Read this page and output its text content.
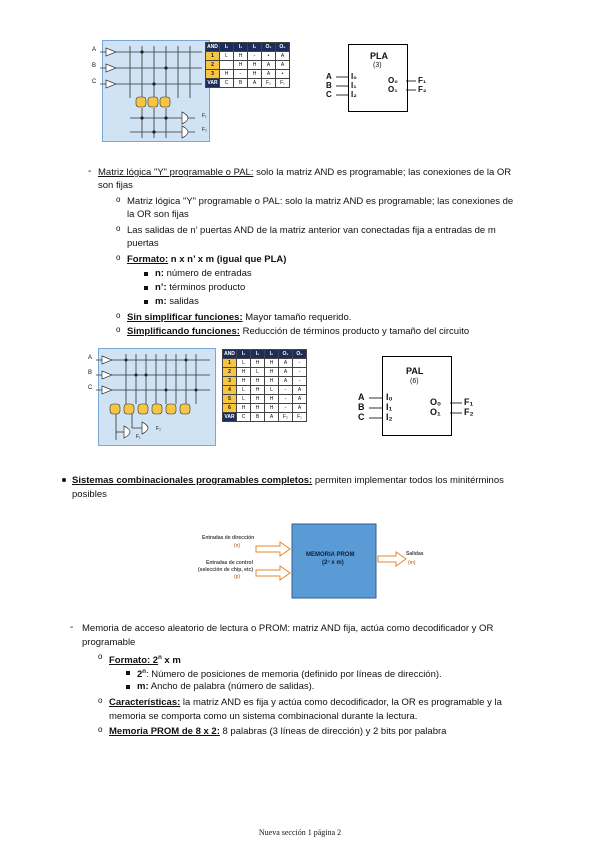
A
B
C
F₁
F₂
AND	I₂	I₁	I₀	O₁	O₀
1	L	H	-	•	A
2		H	H	A	A
3	H	-	H	A	•
VAR	C	B	A	F₂	F₁
PLA
(3)
A
B
C
I₀
I₁
I₂
O₀
O₁
F₁
F₂
- Matriz lógica "Y" programable o PAL: solo la matriz AND es programable; las conexiones de la OR
son fijas
o Matriz lógica "Y" programable o PAL: solo la matriz AND es programable; las conexiones de
la OR son fijas
o Las salidas de n’ puertas AND de la matriz anterior van conectadas fija a entradas de m
puertas
o Formato: n x n’ x m (igual que PLA)
n: número de entradas
n’: términos producto
m: salidas
o Sin simplificar funciones: Mayor tamaño requerido.
o Simplificando funciones: Reducción de términos producto y tamaño del circuito
A
B
C
F₁
F₂
AND	I₂	I₁	I₀	O₁	O₀
1	L	H	H	A	-
2	H	L	H	A	-
3	H	H	H	A	-
4	L	H	L	-	A
5	L	H	H	-	A
6	H	H	H	-	A
VAR	C	B	A	F₂	F₁
PAL
(6)
A
B
C
I₀
I₁
I₂
O₀
O₁
F₁
F₂
Sistemas combinacionales programables completos: permiten implementar todos los minitérminos
posibles
Entradas de dirección
(n)
Entradas de control
(selección de chip, etc)
(p)
MEMORIA PROM
(2ⁿ x m)
Salidas
(m)
- Memoria de acceso aleatorio de lectura o PROM: matriz AND fija, actúa como decodificador y OR
programable
o Formato: 2$^n$ x m
2$^n$: Número de posiciones de memoria (definido por líneas de dirección).
m: Ancho de palabra (número de salidas).
o Características: la matriz AND es fija y actúa como decodificador, la OR es programable y la
memoria se comporta como un sistema combinacional durante la lectura.
o Memoria PROM de 8 x 2: 8 palabras (3 líneas de dirección) y 2 bits por palabra
Nueva sección 1 página 2
